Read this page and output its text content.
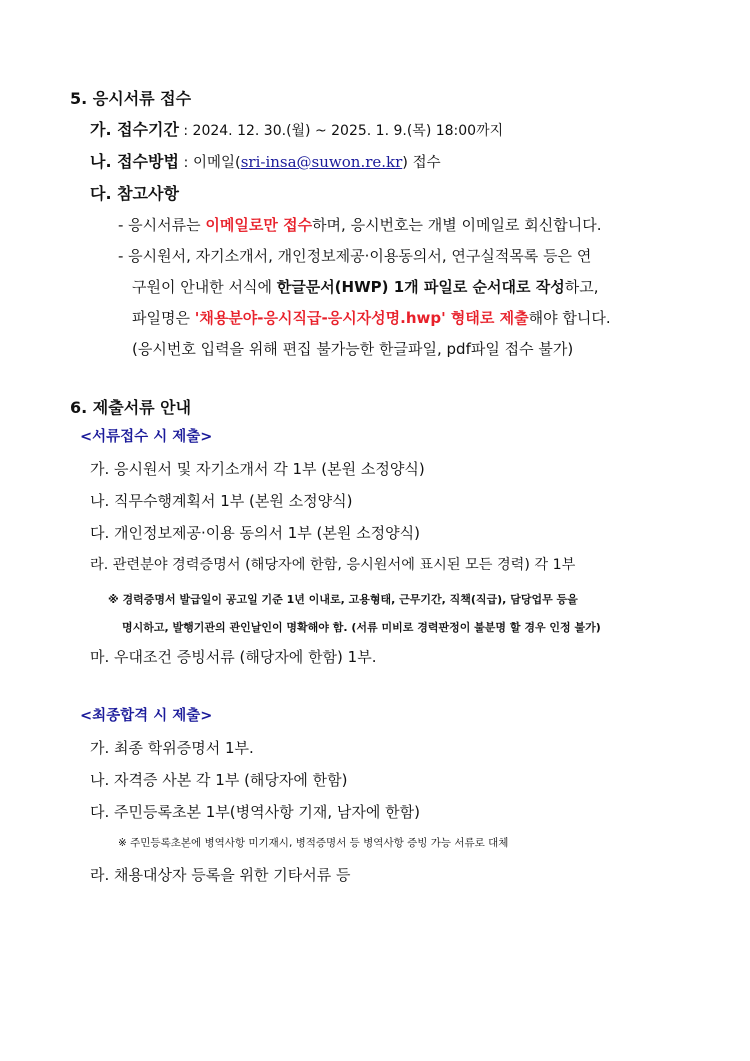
5. 응시서류 접수
가. 접수기간 : 2024. 12. 30.(월) ~ 2025. 1. 9.(목) 18:00까지
나. 접수방법 : 이메일(sri-insa@suwon.re.kr) 접수
다. 참고사항
- 응시서류는 이메일로만 접수하며, 응시번호는 개별 이메일로 회신합니다.
- 응시원서, 자기소개서, 개인정보제공·이용동의서, 연구실적목록 등은 연
구원이 안내한 서식에 한글문서(HWP) 1개 파일로 순서대로 작성하고,
파일명은 '채용분야-응시직급-응시자성명.hwp' 형태로 제출해야 합니다.
(응시번호 입력을 위해 편집 불가능한 한글파일, pdf파일 접수 불가)
6. 제출서류 안내
<서류접수 시 제출>
가. 응시원서 및 자기소개서 각 1부 (본원 소정양식)
나. 직무수행계획서 1부 (본원 소정양식)
다. 개인정보제공·이용 동의서 1부 (본원 소정양식)
라. 관련분야 경력증명서 (해당자에 한함, 응시원서에 표시된 모든 경력) 각 1부
※ 경력증명서 발급일이 공고일 기준 1년 이내로, 고용형태, 근무기간, 직책(직급), 담당업무 등을
명시하고, 발행기관의 관인날인이 명확해야 함. (서류 미비로 경력판정이 불분명 할 경우 인정 불가)
마. 우대조건 증빙서류 (해당자에 한함) 1부.
<최종합격 시 제출>
가. 최종 학위증명서 1부.
나. 자격증 사본 각 1부 (해당자에 한함)
다. 주민등록초본 1부(병역사항 기재, 남자에 한함)
※ 주민등록초본에 병역사항 미기재시, 병적증명서 등 병역사항 증빙 가능 서류로 대체
라. 채용대상자 등록을 위한 기타서류 등
